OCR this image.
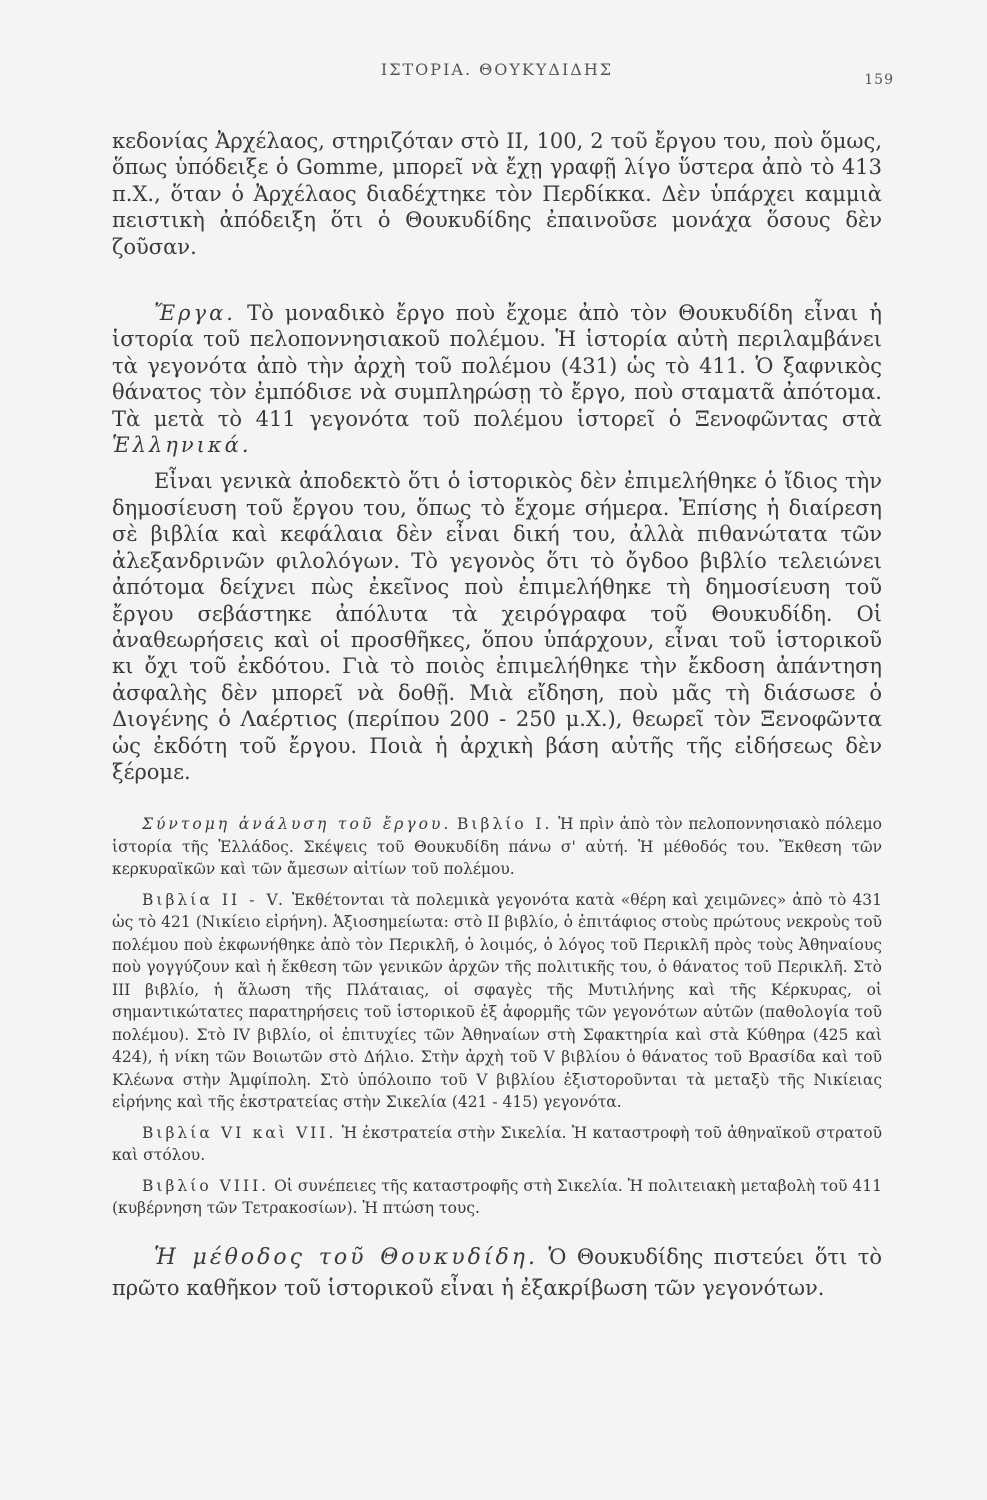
ΙΣΤΟΡΙΑ. ΘΟΥΚΥΔΙΔΗΣ
159

κεδονίας Ἀρχέλαος, στηριζόταν στὸ II, 100, 2 τοῦ ἔργου του, ποὺ ὅμως, ὅπως ὑπόδειξε ὁ Gomme, μπορεῖ νὰ ἔχῃ γραφῇ λίγο ὕστερα ἀπὸ τὸ 413 π.Χ., ὅταν ὁ Ἀρχέλαος διαδέχτηκε τὸν Περδίκκα. Δὲν ὑπάρχει καμμιὰ πειστικὴ ἀπόδειξη ὅτι ὁ Θουκυδίδης ἐπαινοῦσε μονάχα ὅσους δὲν ζοῦσαν.

Ἔργα. Τὸ μοναδικὸ ἔργο ποὺ ἔχομε ἀπὸ τὸν Θουκυδίδη εἶναι ἡ ἱστορία τοῦ πελοποννησιακοῦ πολέμου. Ἡ ἱστορία αὐτὴ περιλαμβάνει τὰ γεγονότα ἀπὸ τὴν ἀρχὴ τοῦ πολέμου (431) ὡς τὸ 411. Ὁ ξαφνικὸς θάνατος τὸν ἐμπόδισε νὰ συμπληρώσῃ τὸ ἔργο, ποὺ σταματᾶ ἀπότομα. Τὰ μετὰ τὸ 411 γεγονότα τοῦ πολέμου ἱστορεῖ ὁ Ξενοφῶντας στὰ Ἑλληνικά.

Εἶναι γενικὰ ἀποδεκτὸ ὅτι ὁ ἱστορικὸς δὲν ἐπιμελήθηκε ὁ ἴδιος τὴν δημοσίευση τοῦ ἔργου του, ὅπως τὸ ἔχομε σήμερα. Ἐπίσης ἡ διαίρεση σὲ βιβλία καὶ κεφάλαια δὲν εἶναι δική του, ἀλλὰ πιθανώτατα τῶν ἀλεξανδρινῶν φιλολόγων. Τὸ γεγονὸς ὅτι τὸ ὄγδοο βιβλίο τελειώνει ἀπότομα δείχνει πὼς ἐκεῖνος ποὺ ἐπιμελήθηκε τὴ δημοσίευση τοῦ ἔργου σεβάστηκε ἀπόλυτα τὰ χειρόγραφα τοῦ Θουκυδίδη. Οἱ ἀναθεωρήσεις καὶ οἱ προσθῆκες, ὅπου ὑπάρχουν, εἶναι τοῦ ἱστορικοῦ κι ὄχι τοῦ ἐκδότου. Γιὰ τὸ ποιὸς ἐπιμελήθηκε τὴν ἔκδοση ἀπάντηση ἀσφαλὴς δὲν μπορεῖ νὰ δοθῇ. Μιὰ εἴδηση, ποὺ μᾶς τὴ διάσωσε ὁ Διογένης ὁ Λαέρτιος (περίπου 200 - 250 μ.Χ.), θεωρεῖ τὸν Ξενοφῶντα ὡς ἐκδότη τοῦ ἔργου. Ποιὰ ἡ ἀρχικὴ βάση αὐτῆς τῆς εἰδήσεως δὲν ξέρομε.

Σύντομη ἀνάλυση τοῦ ἔργου. Βιβλίο I. Ἡ πρὶν ἀπὸ τὸν πελοποννησιακὸ πόλεμο ἱστορία τῆς Ἑλλάδος. Σκέψεις τοῦ Θουκυδίδη πάνω σ' αὐτή. Ἡ μέθοδός του. Ἔκθεση τῶν κερκυραϊκῶν καὶ τῶν ἄμεσων αἰτίων τοῦ πολέμου.

Βιβλία II - V. Ἐκθέτονται τὰ πολεμικὰ γεγονότα κατὰ «θέρη καὶ χειμῶνες» ἀπὸ τὸ 431 ὡς τὸ 421 (Νικίειο εἰρήνη). Ἀξιοσημείωτα: στὸ II βιβλίο, ὁ ἐπιτάφιος στοὺς πρώτους νεκροὺς τοῦ πολέμου ποὺ ἐκφωνήθηκε ἀπὸ τὸν Περικλῆ, ὁ λοιμός, ὁ λόγος τοῦ Περικλῆ πρὸς τοὺς Ἀθηναίους ποὺ γογγύζουν καὶ ἡ ἔκθεση τῶν γενικῶν ἀρχῶν τῆς πολιτικῆς του, ὁ θάνατος τοῦ Περικλῆ. Στὸ III βιβλίο, ἡ ἅλωση τῆς Πλάταιας, οἱ σφαγὲς τῆς Μυτιλήνης καὶ τῆς Κέρκυρας, οἱ σημαντικώτατες παρατηρήσεις τοῦ ἱστορικοῦ ἐξ ἀφορμῆς τῶν γεγονότων αὐτῶν (παθολογία τοῦ πολέμου). Στὸ IV βιβλίο, οἱ ἐπιτυχίες τῶν Ἀθηναίων στὴ Σφακτηρία καὶ στὰ Κύθηρα (425 καὶ 424), ἡ νίκη τῶν Βοιωτῶν στὸ Δήλιο. Στὴν ἀρχὴ τοῦ V βιβλίου ὁ θάνατος τοῦ Βρασίδα καὶ τοῦ Κλέωνα στὴν Ἀμφίπολη. Στὸ ὑπόλοιπο τοῦ V βιβλίου ἐξιστοροῦνται τὰ μεταξὺ τῆς Νικίειας εἰρήνης καὶ τῆς ἐκστρατείας στὴν Σικελία (421 - 415) γεγονότα.

Βιβλία VI καὶ VII. Ἡ ἐκστρατεία στὴν Σικελία. Ἡ καταστροφὴ τοῦ ἀθηναϊκοῦ στρατοῦ καὶ στόλου.

Βιβλίο VIII. Οἱ συνέπειες τῆς καταστροφῆς στὴ Σικελία. Ἡ πολιτειακὴ μεταβολὴ τοῦ 411 (κυβέρνηση τῶν Τετρακοσίων). Ἡ πτώση τους.

Ἡ μέθοδος τοῦ Θουκυδίδη. Ὁ Θουκυδίδης πιστεύει ὅτι τὸ πρῶτο καθῆκον τοῦ ἱστορικοῦ εἶναι ἡ ἐξακρίβωση τῶν γεγονότων.
